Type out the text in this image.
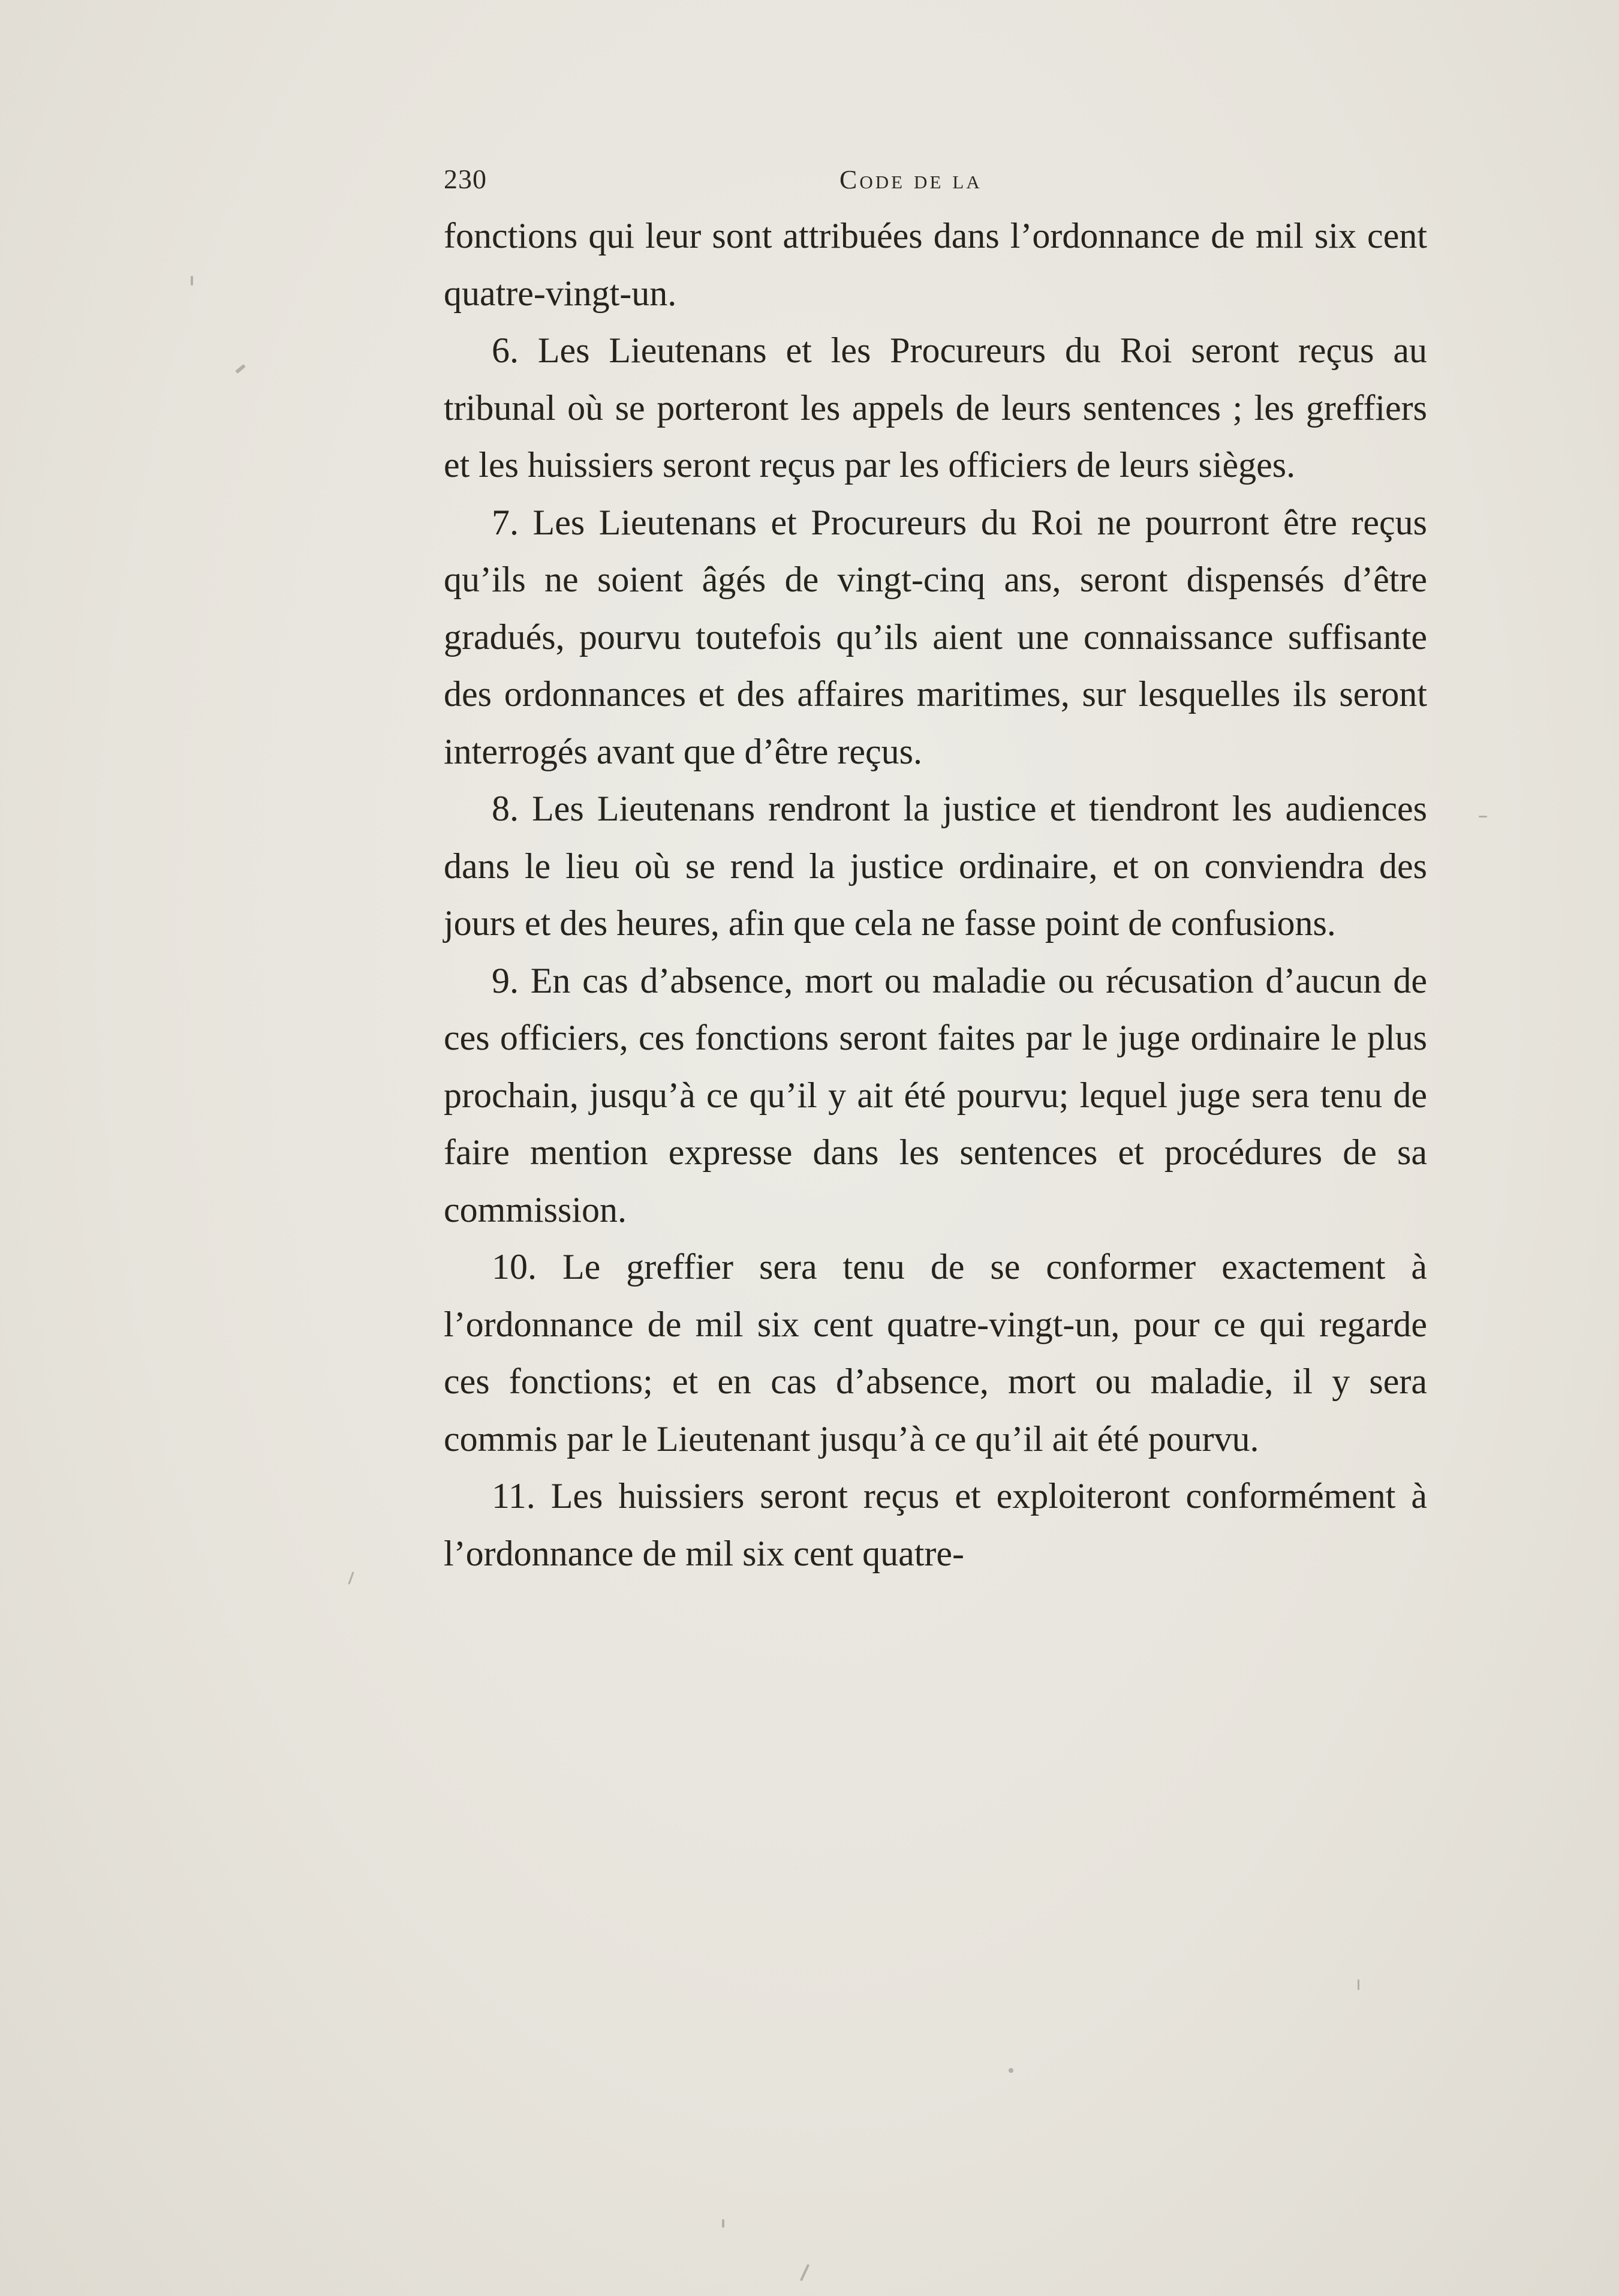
230	Code de la

fonctions qui leur sont attribuées dans l’ordonnance de mil six cent quatre-vingt-un.

6. Les Lieutenans et les Procureurs du Roi seront reçus au tribunal où se porteront les appels de leurs sentences ; les greffiers et les huissiers seront reçus par les officiers de leurs sièges.

7. Les Lieutenans et Procureurs du Roi ne pourront être reçus qu’ils ne soient âgés de vingt-cinq ans, seront dispensés d’être gradués, pourvu toutefois qu’ils aient une connaissance suffisante des ordonnances et des affaires maritimes, sur lesquelles ils seront interrogés avant que d’être reçus.

8. Les Lieutenans rendront la justice et tiendront les audiences dans le lieu où se rend la justice ordinaire, et on conviendra des jours et des heures, afin que cela ne fasse point de confusions.

9. En cas d’absence, mort ou maladie ou récusation d’aucun de ces officiers, ces fonctions seront faites par le juge ordinaire le plus prochain, jusqu’à ce qu’il y ait été pourvu; lequel juge sera tenu de faire mention expresse dans les sentences et procédures de sa commission.

10. Le greffier sera tenu de se conformer exactement à l’ordonnance de mil six cent quatre-vingt-un, pour ce qui regarde ces fonctions; et en cas d’absence, mort ou maladie, il y sera commis par le Lieutenant jusqu’à ce qu’il ait été pourvu.

11. Les huissiers seront reçus et exploiteront conformément à l’ordonnance de mil six cent quatre-
